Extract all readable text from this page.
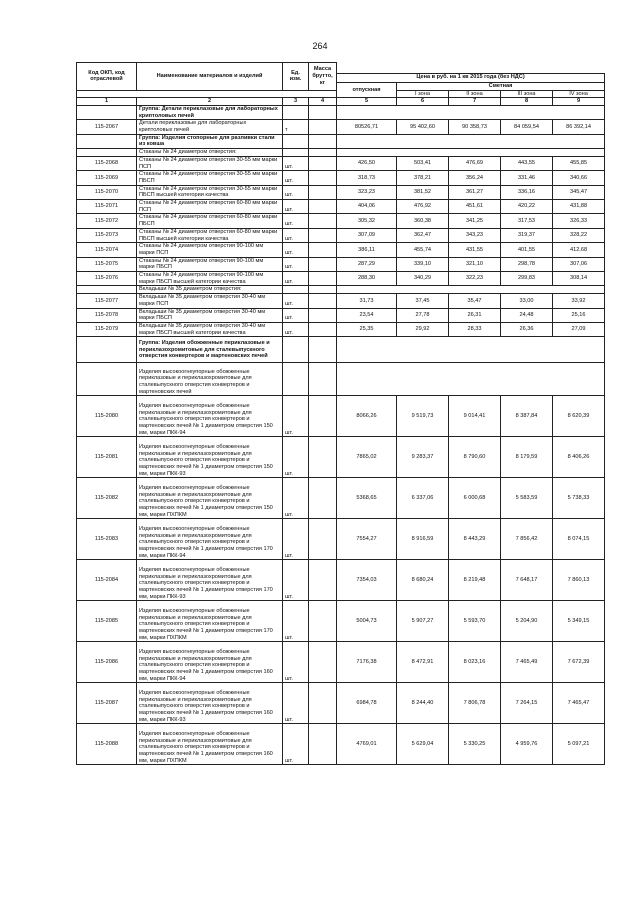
264
Код ОКП, код отраслевой	Наименование материалов и изделий	Ед. изм.	Масса брутто, кг					
				Цена в руб. на 1 кв 2015 года (без НДС)				
				отпускная	Сметная			
					I зона	II зона	III зона	IV зона
1	2	3	4	5	6	7	8	9
	Группа: Детали периклазовые для лабораторных криптоловых печей							
115-2067	Детали периклазовые для лабораторных криптоловых печей	т		80526,71	95 402,60	90 358,73	84 059,54	86 392,14
	Группа: Изделия стопорные для разливки стали из ковша							
	Стаканы № 24 диаметром отверстия:							
115-2068	Стаканы № 24 диаметром отверстия 30-55 мм марки ПСП	шт.		426,50	503,41	476,69	443,55	455,85
115-2069	Стаканы № 24 диаметром отверстия 30-55 мм марки ПБСП	шт.		318,73	378,21	356,24	331,46	340,66
115-2070	Стаканы № 24 диаметром отверстия 30-55 мм марки ПБСП высшей категории качества	шт.		323,23	381,52	361,27	336,16	345,47
115-2071	Стаканы № 24 диаметром отверстия 60-80 мм марки ПСП	шт.		404,06	476,92	451,61	420,22	431,88
115-2072	Стаканы № 24 диаметром отверстия 60-80 мм марки ПБСП	шт.		305,32	360,38	341,25	317,53	326,33
115-2073	Стаканы № 24 диаметром отверстия 60-80 мм марки ПБСП высшей категории качества	шт.		307,09	362,47	343,23	319,37	328,22
115-2074	Стаканы № 24 диаметром отверстия 90-100 мм марки ПСП	шт.		386,11	455,74	431,55	401,55	412,68
115-2075	Стаканы № 24 диаметром отверстия 90-100 мм марки ПБСП	шт.		287,29	339,10	321,10	298,78	307,06
115-2076	Стаканы № 24 диаметром отверстия 90-100 мм марки ПБСП высшей категории качества	шт.		288,30	340,29	322,23	299,83	308,14
	Вкладыши № 35 диаметром отверстия:							
115-2077	Вкладыши № 35 диаметром отверстия 30-40 мм марки ПСП	шт.		31,73	37,45	35,47	33,00	33,92
115-2078	Вкладыши № 35 диаметром отверстия 30-40 мм марки ПБСП	шт.		23,54	27,78	26,31	24,48	25,16
115-2079	Вкладыши № 35 диаметром отверстия 30-40 мм марки ПБСП высшей категории качества	шт.		25,35	29,92	28,33	26,36	27,09
	Группа: Изделия обожженные периклазовые и периклазохромитовые для сталевыпускного отверстия конвертеров и мартеновских печей							
	Изделия высокоогнеупорные обожженные периклазовые и периклазохромитовые для сталевыпускного отверстия конвертеров и мартеновских печей							
115-2080	Изделия высокоогнеупорные обожженные периклазовые и периклазохромитовые для сталевыпускного отверстия конвертеров и мартеновских печей № 1 диаметром отверстия 150 мм, марки ПКК-94	шт.		8066,26	9 519,73	9 014,41	8 387,84	8 620,39
115-2081	Изделия высокоогнеупорные обожженные периклазовые и периклазохромитовые для сталевыпускного отверстия конвертеров и мартеновских печей № 1 диаметром отверстия 150 мм, марки ПКК-93	шт.		7865,02	9 283,37	8 790,60	8 179,59	8 406,26
115-2082	Изделия высокоогнеупорные обожженные периклазовые и периклазохромитовые для сталевыпускного отверстия конвертеров и мартеновских печей № 1 диаметром отверстия 150 мм, марки ПХПКМ	шт.		5368,65	6 337,06	6 000,68	5 583,59	5 738,33
115-2083	Изделия высокоогнеупорные обожженные периклазовые и периклазохромитовые для сталевыпускного отверстия конвертеров и мартеновских печей № 1 диаметром отверстия 170 мм, марки ПКК-94	шт.		7554,27	8 916,59	8 443,29	7 856,42	8 074,15
115-2084	Изделия высокоогнеупорные обожженные периклазовые и периклазохромитовые для сталевыпускного отверстия конвертеров и мартеновских печей № 1 диаметром отверстия 170 мм, марки ПКК-93	шт.		7354,03	8 680,24	8 219,48	7 648,17	7 860,13
115-2085	Изделия высокоогнеупорные обожженные периклазовые и периклазохромитовые для сталевыпускного отверстия конвертеров и мартеновских печей № 1 диаметром отверстия 170 мм, марки ПХПКМ	шт.		5004,73	5 907,27	5 593,70	5 204,90	5 349,15
115-2086	Изделия высокоогнеупорные обожженные периклазовые и периклазохромитовые для сталевыпускного отверстия конвертеров и мартеновских печей № 1 диаметром отверстия 160 мм, марки ПКК-94	шт.		7176,38	8 472,91	8 023,16	7 465,49	7 672,39
115-2087	Изделия высокоогнеупорные обожженные периклазовые и периклазохромитовые для сталевыпускного отверстия конвертеров и мартеновских печей № 1 диаметром отверстия 160 мм, марки ПКК-93	шт.		6984,78	8 244,40	7 806,78	7 264,15	7 465,47
115-2088	Изделия высокоогнеупорные обожженные периклазовые и периклазохромитовые для сталевыпускного отверстия конвертеров и мартеновских печей № 1 диаметром отверстия 160 мм, марки ПХПКМ	шт.		4769,01	5 629,04	5 330,25	4 959,76	5 097,21
